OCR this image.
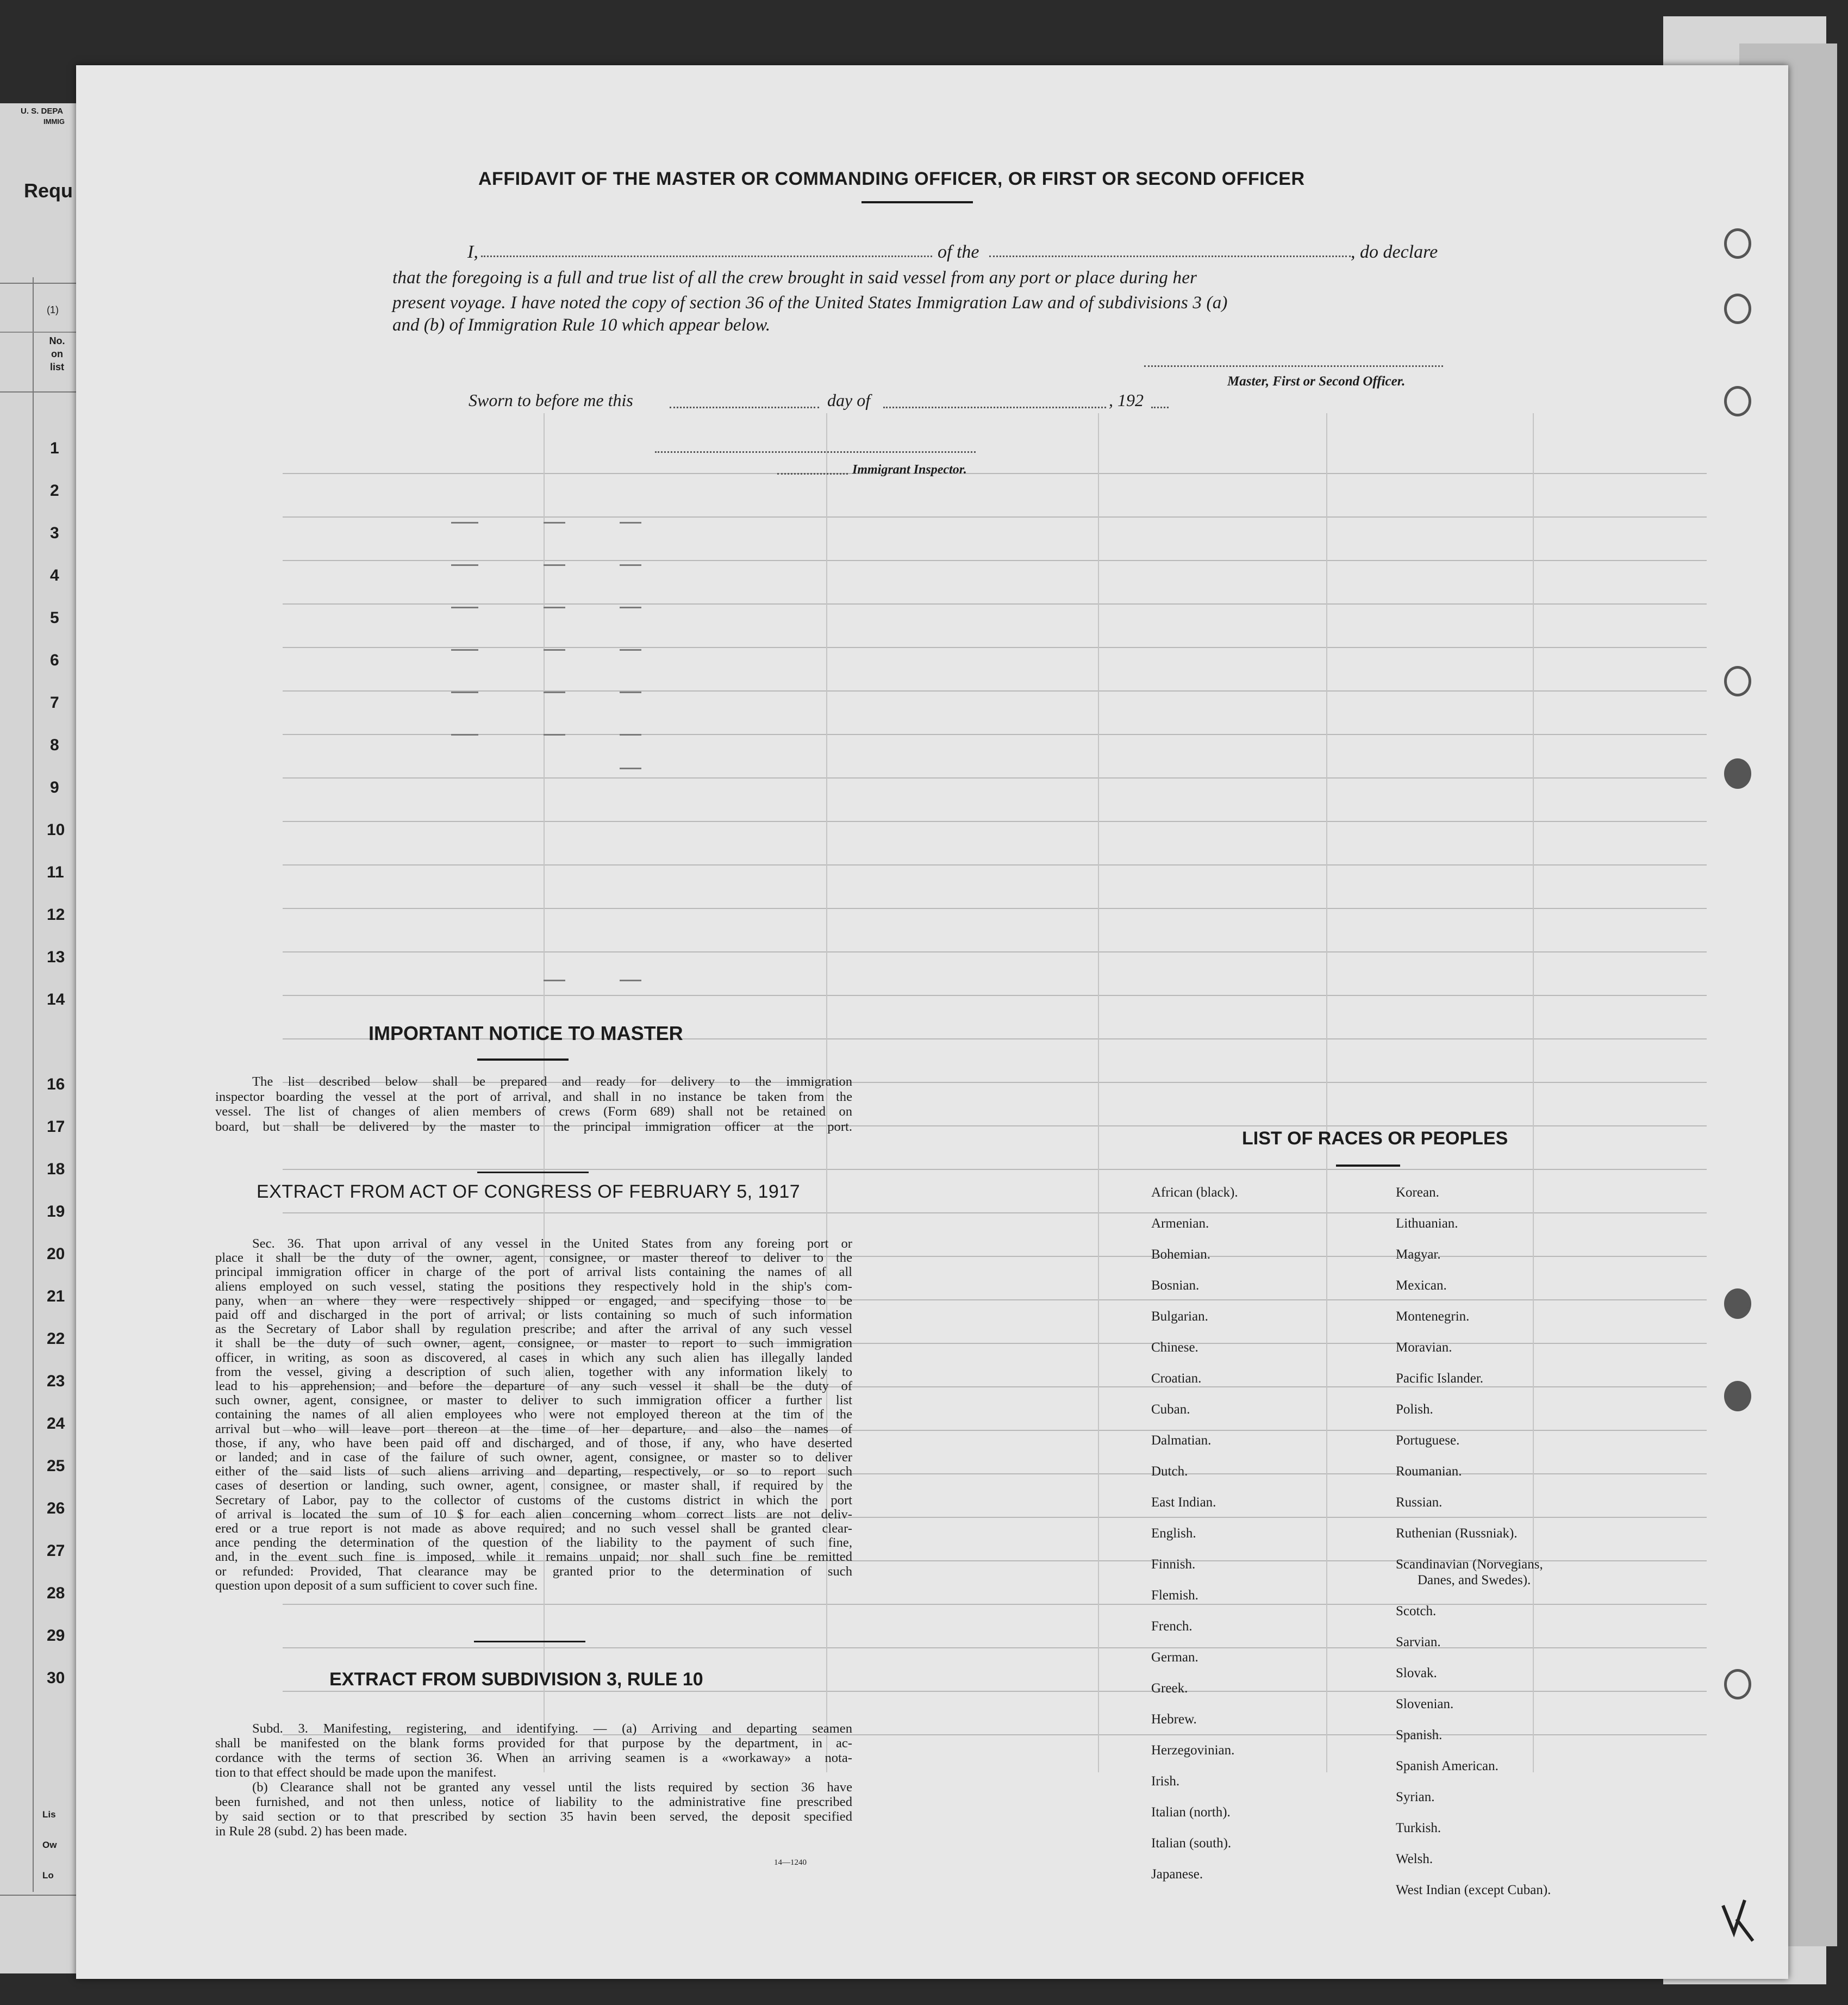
U. S. DEPA
IMMIG
Requ
(1)
No. on list
Lis
Ow
Lo
1
2
3
4
5
6
7
8
9
10
11
12
13
14
16
17
18
19
20
21
22
23
24
25
26
27
28
29
30
AFFIDAVIT OF THE MASTER OR COMMANDING OFFICER, OR FIRST OR SECOND OFFICER
I,	of the	, do declare
that the foregoing is a full and true list of all the crew brought in said vessel from any port or place during her
present voyage. I have noted the copy of section 36 of the United States Immigration Law and of subdivisions 3 (a)
and (b) of Immigration Rule 10 which appear below.
Master, First or Second Officer.
Sworn to before me this	day of	, 192
Immigrant Inspector.
IMPORTANT NOTICE TO MASTER
The list described below shall be prepared and ready for delivery to the immigration
inspector boarding the vessel at the port of arrival, and shall in no instance be taken from the
vessel. The list of changes of alien members of crews (Form 689) shall not be retained on
board, but shall be delivered by the master to the principal immigration officer at the port.
EXTRACT FROM ACT OF CONGRESS OF FEBRUARY 5, 1917
Sec. 36. That upon arrival of any vessel in the United States from any foreing port or
place it shall be the duty of the owner, agent, consignee, or master thereof to deliver to the
principal immigration officer in charge of the port of arrival lists containing the names of all
aliens employed on such vessel, stating the positions they respectively hold in the ship's com-
pany, when an where they were respectively shipped or engaged, and specifying those to be
paid off and discharged in the port of arrival; or lists containing so much of such information
as the Secretary of Labor shall by regulation prescribe; and after the arrival of any such vessel
it shall be the duty of such owner, agent, consignee, or master to report to such immigration
officer, in writing, as soon as discovered, al cases in which any such alien has illegally landed
from the vessel, giving a description of such alien, together with any information likely to
lead to his apprehension; and before the departure of any such vessel it shall be the duty of
such owner, agent, consignee, or master to deliver to such immigration officer a further list
containing the names of all alien employees who were not employed thereon at the tim of the
arrival but who will leave port thereon at the time of her departure, and also the names of
those, if any, who have been paid off and discharged, and of those, if any, who have deserted
or landed; and in case of the failure of such owner, agent, consignee, or master so to deliver
either of the said lists of such aliens arriving and departing, respectively, or so to report such
cases of desertion or landing, such owner, agent, consignee, or master shall, if required by the
Secretary of Labor, pay to the collector of customs of the customs district in which the port
of arrival is located the sum of 10 $ for each alien concerning whom correct lists are not deliv-
ered or a true report is not made as above required; and no such vessel shall be granted clear-
ance pending the determination of the question of the liability to the payment of such fine,
and, in the event such fine is imposed, while it remains unpaid; nor shall such fine be remitted
or refunded: Provided, That clearance may be granted prior to the determination of such
question upon deposit of a sum sufficient to cover such fine.
EXTRACT FROM SUBDIVISION 3, RULE 10
Subd. 3. Manifesting, registering, and identifying. — (a) Arriving and departing seamen
shall be manifested on the blank forms provided for that purpose by the department, in ac-
cordance with the terms of section 36. When an arriving seamen is a «workaway» a nota-
tion to that effect should be made upon the manifest.
(b) Clearance shall not be granted any vessel until the lists required by section 36 have
been furnished, and not then unless, notice of liability to the administrative fine prescribed
by said section or to that prescribed by section 35 havin been served, the deposit specified
in Rule 28 (subd. 2) has been made.
14—1240
LIST OF RACES OR PEOPLES
African (black).
Armenian.
Bohemian.
Bosnian.
Bulgarian.
Chinese.
Croatian.
Cuban.
Dalmatian.
Dutch.
East Indian.
English.
Finnish.
Flemish.
French.
German.
Greek.
Hebrew.
Herzegovinian.
Irish.
Italian (north).
Italian (south).
Japanese.
Korean.
Lithuanian.
Magyar.
Mexican.
Montenegrin.
Moravian.
Pacific Islander.
Polish.
Portuguese.
Roumanian.
Russian.
Ruthenian (Russniak).
Scandinavian (Norvegians,
Danes, and Swedes).
Scotch.
Sarvian.
Slovak.
Slovenian.
Spanish.
Spanish American.
Syrian.
Turkish.
Welsh.
West Indian (except Cuban).
